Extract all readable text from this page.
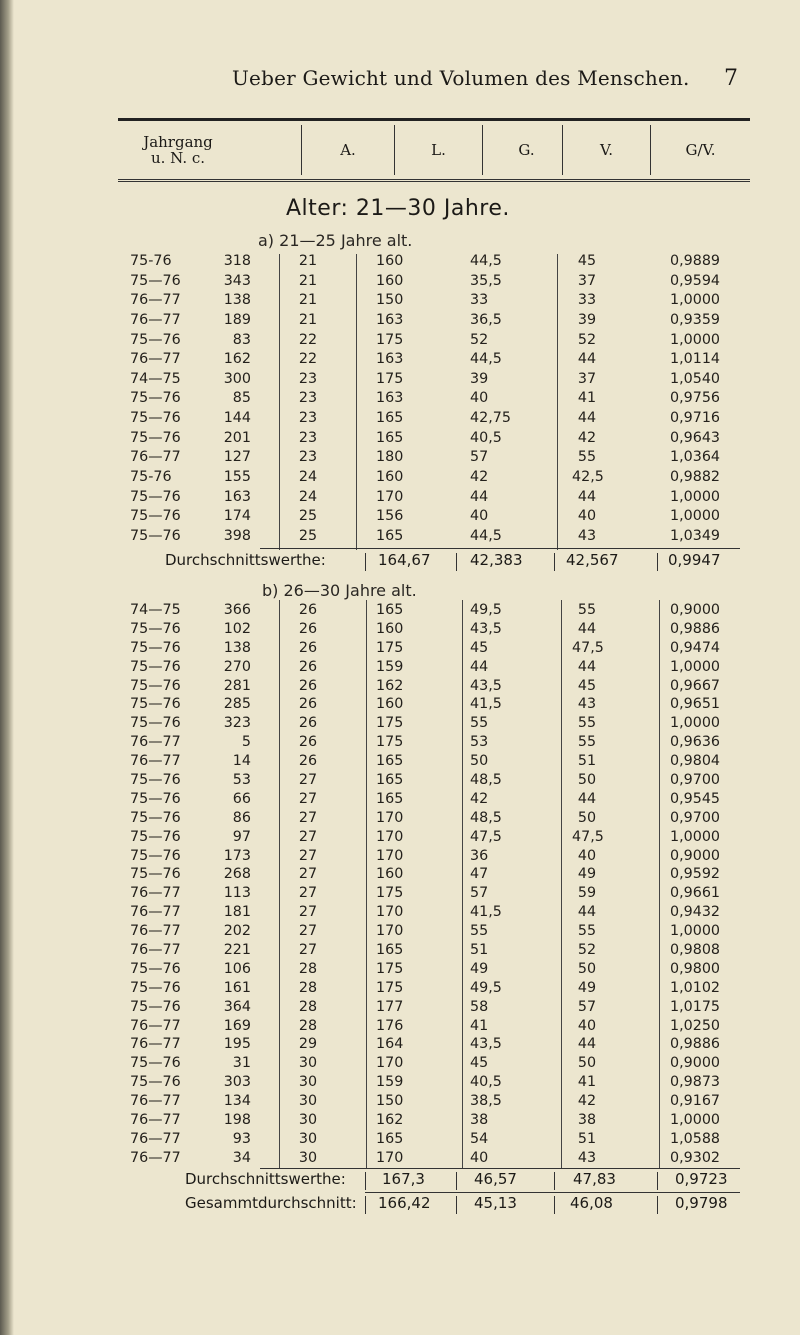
Ueber Gewicht und Volumen des Menschen. 7
Jahrgang
u. N. c.	A.	L.	G.	V.	G/V.
Alter: 21—30 Jahre.
a) 21—25 Jahre alt.
75-76	318	21	160	44,5	45	0,9889
75—76	343	21	160	35,5	37	0,9594
76—77	138	21	150	33	33	1,0000
76—77	189	21	163	36,5	39	0,9359
75—76	83	22	175	52	52	1,0000
76—77	162	22	163	44,5	44	1,0114
74—75	300	23	175	39	37	1,0540
75—76	85	23	163	40	41	0,9756
75—76	144	23	165	42,75	44	0,9716
75—76	201	23	165	40,5	42	0,9643
76—77	127	23	180	57	55	1,0364
75-76	155	24	160	42	42,5	0,9882
75—76	163	24	170	44	44	1,0000
75—76	174	25	156	40	40	1,0000
75—76	398	25	165	44,5	43	1,0349
Durchschnittswerthe:	164,67	42,383	42,567	0,9947
b) 26—30 Jahre alt.
74—75	366	26	165	49,5	55	0,9000
75—76	102	26	160	43,5	44	0,9886
75—76	138	26	175	45	47,5	0,9474
75—76	270	26	159	44	44	1,0000
75—76	281	26	162	43,5	45	0,9667
75—76	285	26	160	41,5	43	0,9651
75—76	323	26	175	55	55	1,0000
76—77	5	26	175	53	55	0,9636
76—77	14	26	165	50	51	0,9804
75—76	53	27	165	48,5	50	0,9700
75—76	66	27	165	42	44	0,9545
75—76	86	27	170	48,5	50	0,9700
75—76	97	27	170	47,5	47,5	1,0000
75—76	173	27	170	36	40	0,9000
75—76	268	27	160	47	49	0,9592
76—77	113	27	175	57	59	0,9661
76—77	181	27	170	41,5	44	0,9432
76—77	202	27	170	55	55	1,0000
76—77	221	27	165	51	52	0,9808
75—76	106	28	175	49	50	0,9800
75—76	161	28	175	49,5	49	1,0102
75—76	364	28	177	58	57	1,0175
76—77	169	28	176	41	40	1,0250
76—77	195	29	164	43,5	44	0,9886
75—76	31	30	170	45	50	0,9000
75—76	303	30	159	40,5	41	0,9873
76—77	134	30	150	38,5	42	0,9167
76—77	198	30	162	38	38	1,0000
76—77	93	30	165	54	51	1,0588
76—77	34	30	170	40	43	0,9302
Durchschnittswerthe: 167,3	46,57	47,83	0,9723
Gesammtdurchschnitt: 166,42	45,13	46,08	0,9798
